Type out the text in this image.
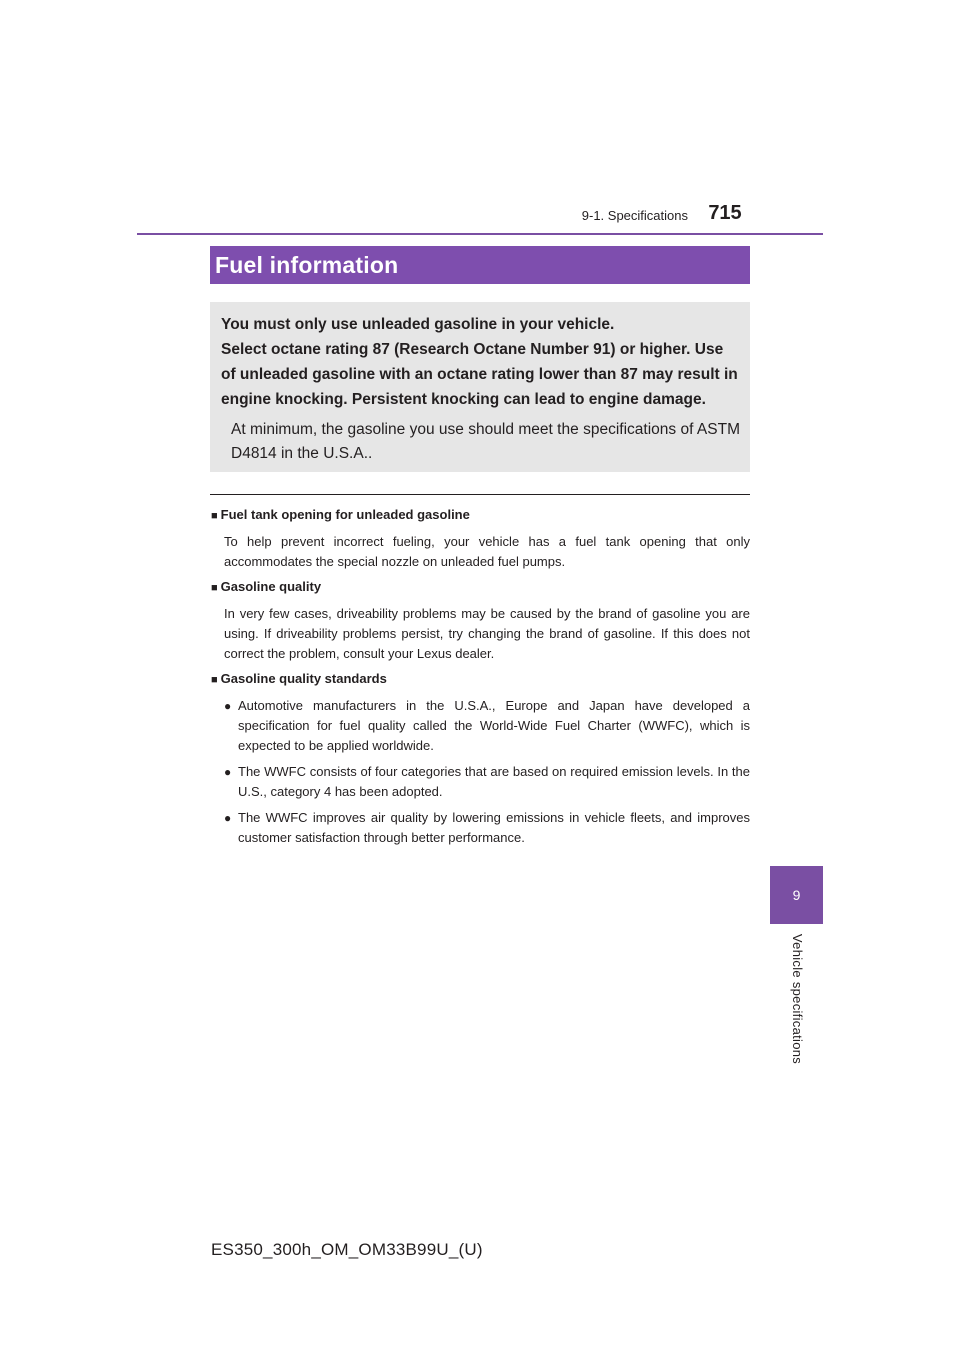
9-1. Specifications	715
9
Vehicle specifications
Fuel information

You must only use unleaded gasoline in your vehicle.

Select octane rating 87 (Research Octane Number 91) or higher. Use of unleaded gasoline with an octane rating lower than 87 may result in engine knocking. Persistent knocking can lead to engine damage.

At minimum, the gasoline you use should meet the specifications of ASTM D4814 in the U.S.A..

■ Fuel tank opening for unleaded gasoline

To help prevent incorrect fueling, your vehicle has a fuel tank opening that only accommodates the special nozzle on unleaded fuel pumps.

■ Gasoline quality

In very few cases, driveability problems may be caused by the brand of gasoline you are using. If driveability problems persist, try changing the brand of gasoline. If this does not correct the problem, consult your Lexus dealer.

■ Gasoline quality standards

● Automotive manufacturers in the U.S.A., Europe and Japan have developed a specification for fuel quality called the World-Wide Fuel Charter (WWFC), which is expected to be applied worldwide.

● The WWFC consists of four categories that are based on required emission levels. In the U.S., category 4 has been adopted.

● The WWFC improves air quality by lowering emissions in vehicle fleets, and improves customer satisfaction through better performance.

ES350_300h_OM_OM33B99U_(U)
